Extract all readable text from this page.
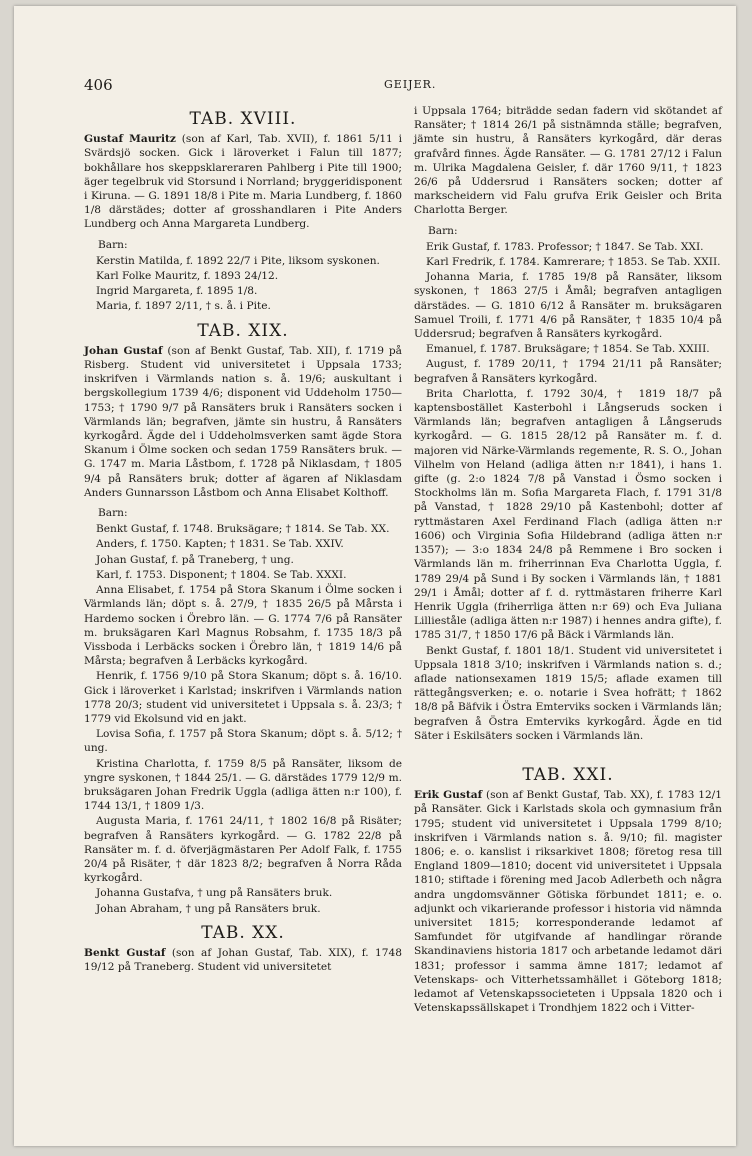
406	GEIJER.
TAB. XVIII.

Gustaf Mauritz (son af Karl, Tab. XVII), f. 1861 5/11 i Svärdsjö socken. Gick i läroverket i Falun till 1877; bokhållare hos skeppsklareraren Pahlberg i Pite till 1900; äger tegelbruk vid Storsund i Norrland; bryggeridisponent i Kiruna. — G. 1891 18/8 i Pite m. Maria Lundberg, f. 1860 1/8 därstädes; dotter af grosshandlaren i Pite Anders Lundberg och Anna Margareta Lundberg.

Barn:

Kerstin Matilda, f. 1892 22/7 i Pite, liksom syskonen.

Karl Folke Mauritz, f. 1893 24/12.

Ingrid Margareta, f. 1895 1/8.

Maria, f. 1897 2/11, † s. å. i Pite.

TAB. XIX.

Johan Gustaf (son af Benkt Gustaf, Tab. XII), f. 1719 på Risberg. Student vid universitetet i Uppsala 1733; inskrifven i Värmlands nation s. å. 19/6; auskultant i bergskollegium 1739 4/6; disponent vid Uddeholm 1750—1753; † 1790 9/7 på Ransäters bruk i Ransäters socken i Värmlands län; begrafven, jämte sin hustru, å Ransäters kyrkogård. Ägde del i Uddeholmsverken samt ägde Stora Skanum i Ölme socken och sedan 1759 Ransäters bruk. — G. 1747 m. Maria Låstbom, f. 1728 på Niklasdam, † 1805 9/4 på Ransäters bruk; dotter af ägaren af Niklasdam Anders Gunnarsson Låstbom och Anna Elisabet Kolthoff.

Barn:

Benkt Gustaf, f. 1748. Bruksägare; † 1814. Se Tab. XX.

Anders, f. 1750. Kapten; † 1831. Se Tab. XXIV.

Johan Gustaf, f. på Traneberg, † ung.

Karl, f. 1753. Disponent; † 1804. Se Tab. XXXI.

Anna Elisabet, f. 1754 på Stora Skanum i Ölme socken i Värmlands län; döpt s. å. 27/9, † 1835 26/5 på Mårsta i Hardemo socken i Örebro län. — G. 1774 7/6 på Ransäter m. bruksägaren Karl Magnus Robsahm, f. 1735 18/3 på Vissboda i Lerbäcks socken i Örebro län, † 1819 14/6 på Mårsta; begrafven å Lerbäcks kyrkogård.

Henrik, f. 1756 9/10 på Stora Skanum; döpt s. å. 16/10. Gick i läroverket i Karlstad; inskrifven i Värmlands nation 1778 20/3; student vid universitetet i Uppsala s. å. 23/3; † 1779 vid Ekolsund vid en jakt.

Lovisa Sofia, f. 1757 på Stora Skanum; döpt s. å. 5/12; † ung.

Kristina Charlotta, f. 1759 8/5 på Ransäter, liksom de yngre syskonen, † 1844 25/1. — G. därstädes 1779 12/9 m. bruksägaren Johan Fredrik Uggla (adliga ätten n:r 100), f. 1744 13/1, † 1809 1/3.

Augusta Maria, f. 1761 24/11, † 1802 16/8 på Risäter; begrafven å Ransäters kyrkogård. — G. 1782 22/8 på Ransäter m. f. d. öfverjägmästaren Per Adolf Falk, f. 1755 20/4 på Risäter, † där 1823 8/2; begrafven å Norra Råda kyrkogård.

Johanna Gustafva, † ung på Ransäters bruk.

Johan Abraham, † ung på Ransäters bruk.

TAB. XX.

Benkt Gustaf (son af Johan Gustaf, Tab. XIX), f. 1748 19/12 på Traneberg. Student vid universitetet

i Uppsala 1764; biträdde sedan fadern vid skötandet af Ransäter; † 1814 26/1 på sistnämnda ställe; begrafven, jämte sin hustru, å Ransäters kyrkogård, där deras grafvård finnes. Ägde Ransäter. — G. 1781 27/12 i Falun m. Ulrika Magdalena Geisler, f. där 1760 9/11, † 1823 26/6 på Uddersrud i Ransäters socken; dotter af markscheidern vid Falu grufva Erik Geisler och Brita Charlotta Berger.

Barn:

Erik Gustaf, f. 1783. Professor; † 1847. Se Tab. XXI.

Karl Fredrik, f. 1784. Kamrerare; † 1853. Se Tab. XXII.

Johanna Maria, f. 1785 19/8 på Ransäter, liksom syskonen, † 1863 27/5 i Åmål; begrafven antagligen därstädes. — G. 1810 6/12 å Ransäter m. bruksägaren Samuel Troili, f. 1771 4/6 på Ransäter, † 1835 10/4 på Uddersrud; begrafven å Ransäters kyrkogård.

Emanuel, f. 1787. Bruksägare; † 1854. Se Tab. XXIII.

August, f. 1789 20/11, † 1794 21/11 på Ransäter; begrafven å Ransäters kyrkogård.

Brita Charlotta, f. 1792 30/4, † 1819 18/7 på kaptensbostället Kasterbohl i Långseruds socken i Värmlands län; begrafven antagligen å Långseruds kyrkogård. — G. 1815 28/12 på Ransäter m. f. d. majoren vid Närke-Värmlands regemente, R. S. O., Johan Vilhelm von Heland (adliga ätten n:r 1841), i hans 1. gifte (g. 2:o 1824 7/8 på Vanstad i Ösmo socken i Stockholms län m. Sofia Margareta Flach, f. 1791 31/8 på Vanstad, † 1828 29/10 på Kastenbohl; dotter af ryttmästaren Axel Ferdinand Flach (adliga ätten n:r 1606) och Virginia Sofia Hildebrand (adliga ätten n:r 1357); — 3:o 1834 24/8 på Remmene i Bro socken i Värmlands län m. friherrinnan Eva Charlotta Uggla, f. 1789 29/4 på Sund i By socken i Värmlands län, † 1881 29/1 i Åmål; dotter af f. d. ryttmästaren friherre Karl Henrik Uggla (friherrliga ätten n:r 69) och Eva Juliana Lillieståle (adliga ätten n:r 1987) i hennes andra gifte), f. 1785 31/7, † 1850 17/6 på Bäck i Värmlands län.

Benkt Gustaf, f. 1801 18/1. Student vid universitetet i Uppsala 1818 3/10; inskrifven i Värmlands nation s. d.; aflade nationsexamen 1819 15/5; aflade examen till rättegångsverken; e. o. notarie i Svea hofrätt; † 1862 18/8 på Bäfvik i Östra Emterviks socken i Värmlands län; begrafven å Östra Emterviks kyrkogård. Ägde en tid Säter i Eskilsäters socken i Värmlands län.

TAB. XXI.

Erik Gustaf (son af Benkt Gustaf, Tab. XX), f. 1783 12/1 på Ransäter. Gick i Karlstads skola och gymnasium från 1795; student vid universitetet i Uppsala 1799 8/10; inskrifven i Värmlands nation s. å. 9/10; fil. magister 1806; e. o. kanslist i riksarkivet 1808; företog resa till England 1809—1810; docent vid universitetet i Uppsala 1810; stiftade i förening med Jacob Adlerbeth och några andra ungdomsvänner Götiska förbundet 1811; e. o. adjunkt och vikarierande professor i historia vid nämnda universitet 1815; korresponderande ledamot af Samfundet för utgifvande af handlingar rörande Skandinaviens historia 1817 och arbetande ledamot däri 1831; professor i samma ämne 1817; ledamot af Vetenskaps- och Vitterhetssamhället i Göteborg 1818; ledamot af Vetenskapssocieteten i Uppsala 1820 och i Vetenskapssällskapet i Trondhjem 1822 och i Vitter-
